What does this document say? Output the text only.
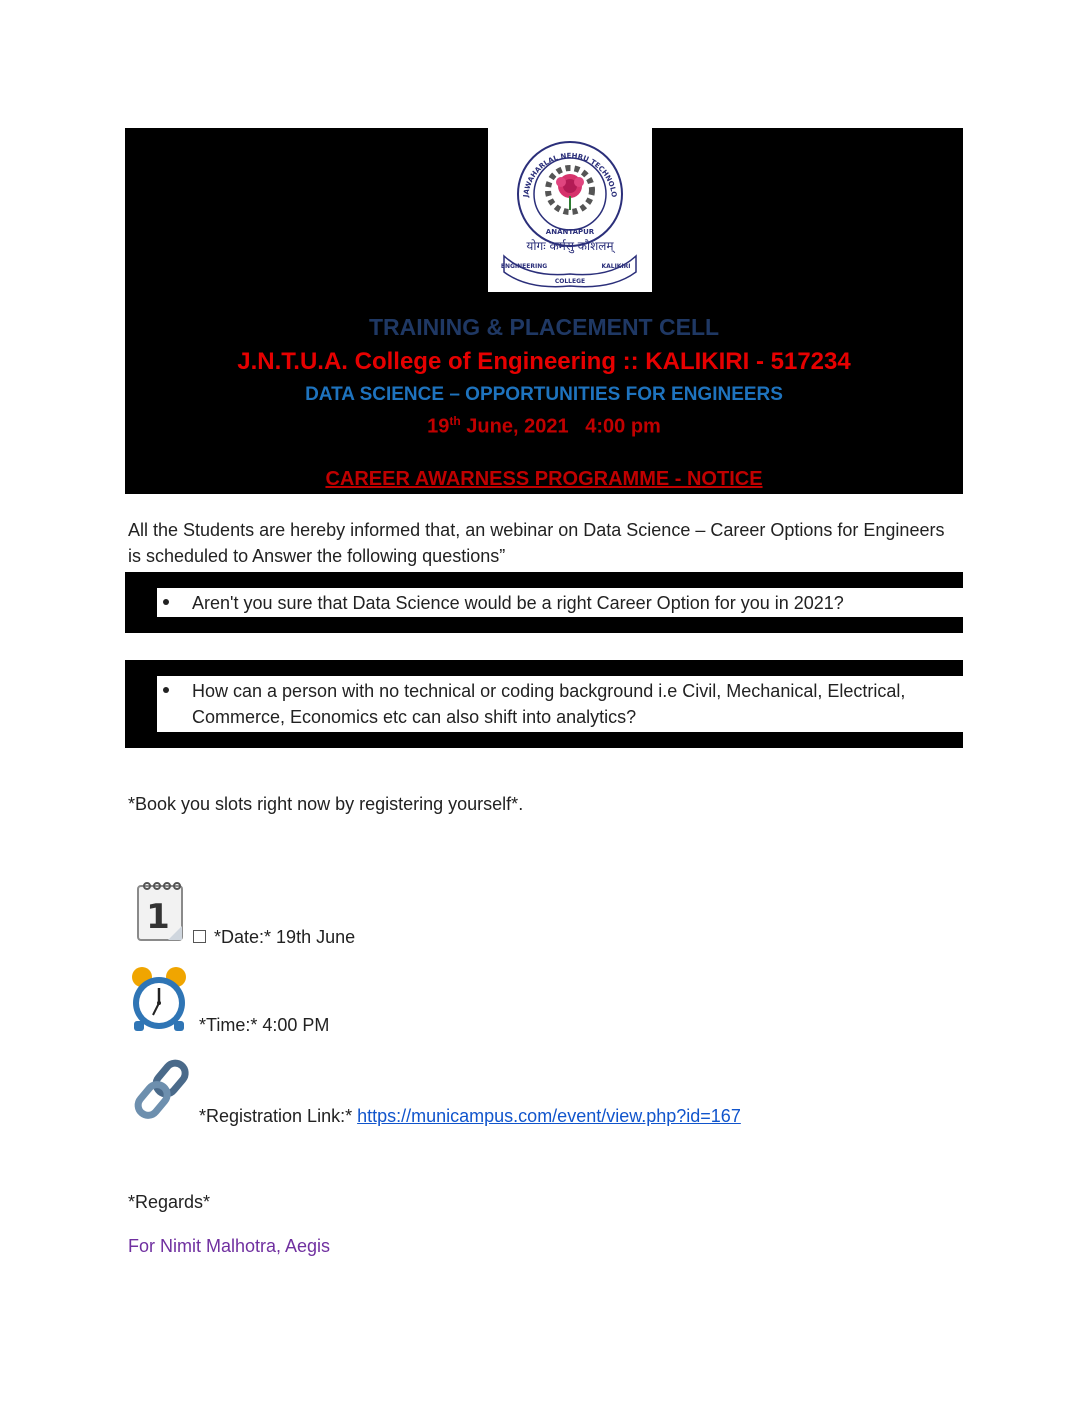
JAWAHARLAL NEHRU TECHNOLO
ANANTAPUR
योगः कर्मसु कौशलम्
ENGINEERING	KALIKIRI
COLLEGE
TRAINING & PLACEMENT CELL
J.N.T.U.A. College of Engineering :: KALIKIRI - 517234
DATA SCIENCE – OPPORTUNITIES FOR ENGINEERS
19th June, 2021   4:00 pm
CAREER AWARNESS PROGRAMME - NOTICE
All the Students are hereby informed that, an webinar on Data Science – Career Options for Engineers is scheduled to Answer the following questions”
Aren't you sure that Data Science would be a right Career Option for you in 2021?
How can a person with no technical or coding background i.e Civil, Mechanical, Electrical, Commerce, Economics etc can also shift into analytics?
*Book you slots right now by registering yourself*.
1	*Date:* 19th June
*Time:* 4:00 PM
*Registration Link:* https://municampus.com/event/view.php?id=167
*Regards*
For Nimit Malhotra, Aegis
